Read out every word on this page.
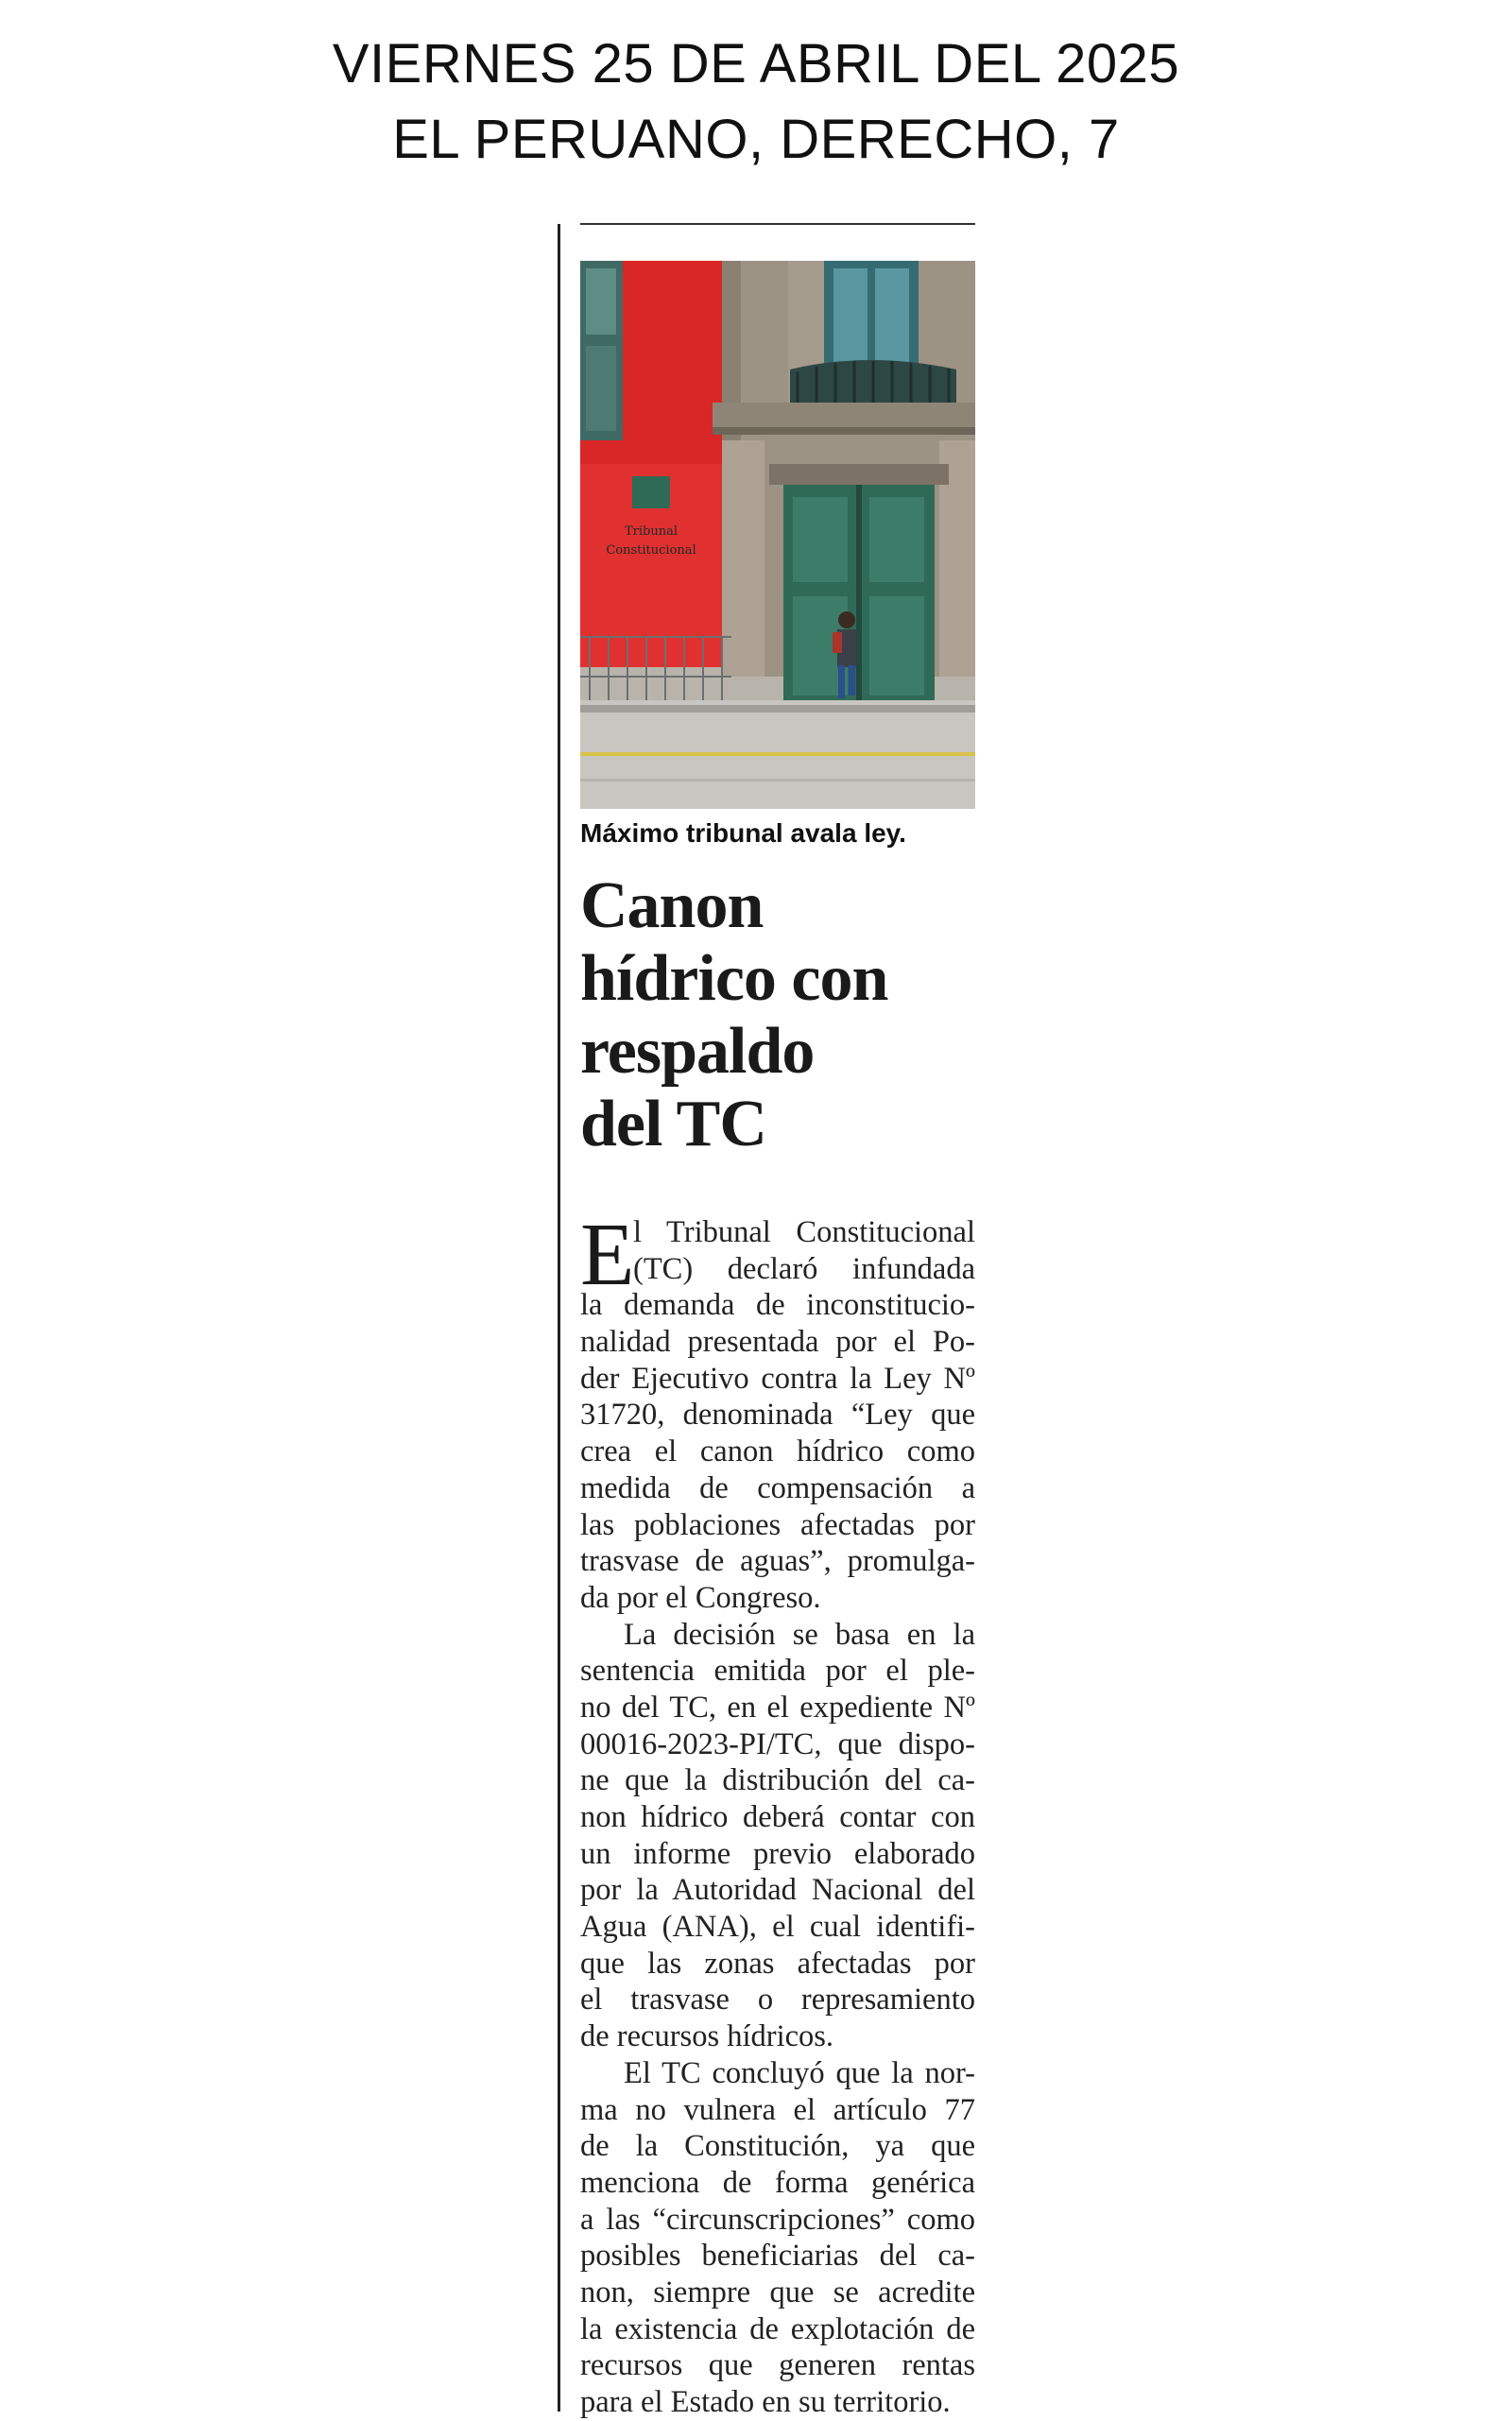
VIERNES 25 DE ABRIL DEL 2025
EL PERUANO, DERECHO, 7
Tribunal
Constitucional
Máximo tribunal avala ley.
Canon
hídrico con
respaldo
del TC
E
l Tribunal Constitucional
(TC) declaró infundada
la demanda de inconstitucio-
nalidad presentada por el Po-
der Ejecutivo contra la Ley Nº
31720, denominada “Ley que
crea el canon hídrico como
medida de compensación a
las poblaciones afectadas por
trasvase de aguas”, promulga-
da por el Congreso.
La decisión se basa en la
sentencia emitida por el ple-
no del TC, en el expediente Nº
00016-2023-PI/TC, que dispo-
ne que la distribución del ca-
non hídrico deberá contar con
un informe previo elaborado
por la Autoridad Nacional del
Agua (ANA), el cual identifi-
que las zonas afectadas por
el trasvase o represamiento
de recursos hídricos.
El TC concluyó que la nor-
ma no vulnera el artículo 77
de la Constitución, ya que
menciona de forma genérica
a las “circunscripciones” como
posibles beneficiarias del ca-
non, siempre que se acredite
la existencia de explotación de
recursos que generen rentas
para el Estado en su territorio.
